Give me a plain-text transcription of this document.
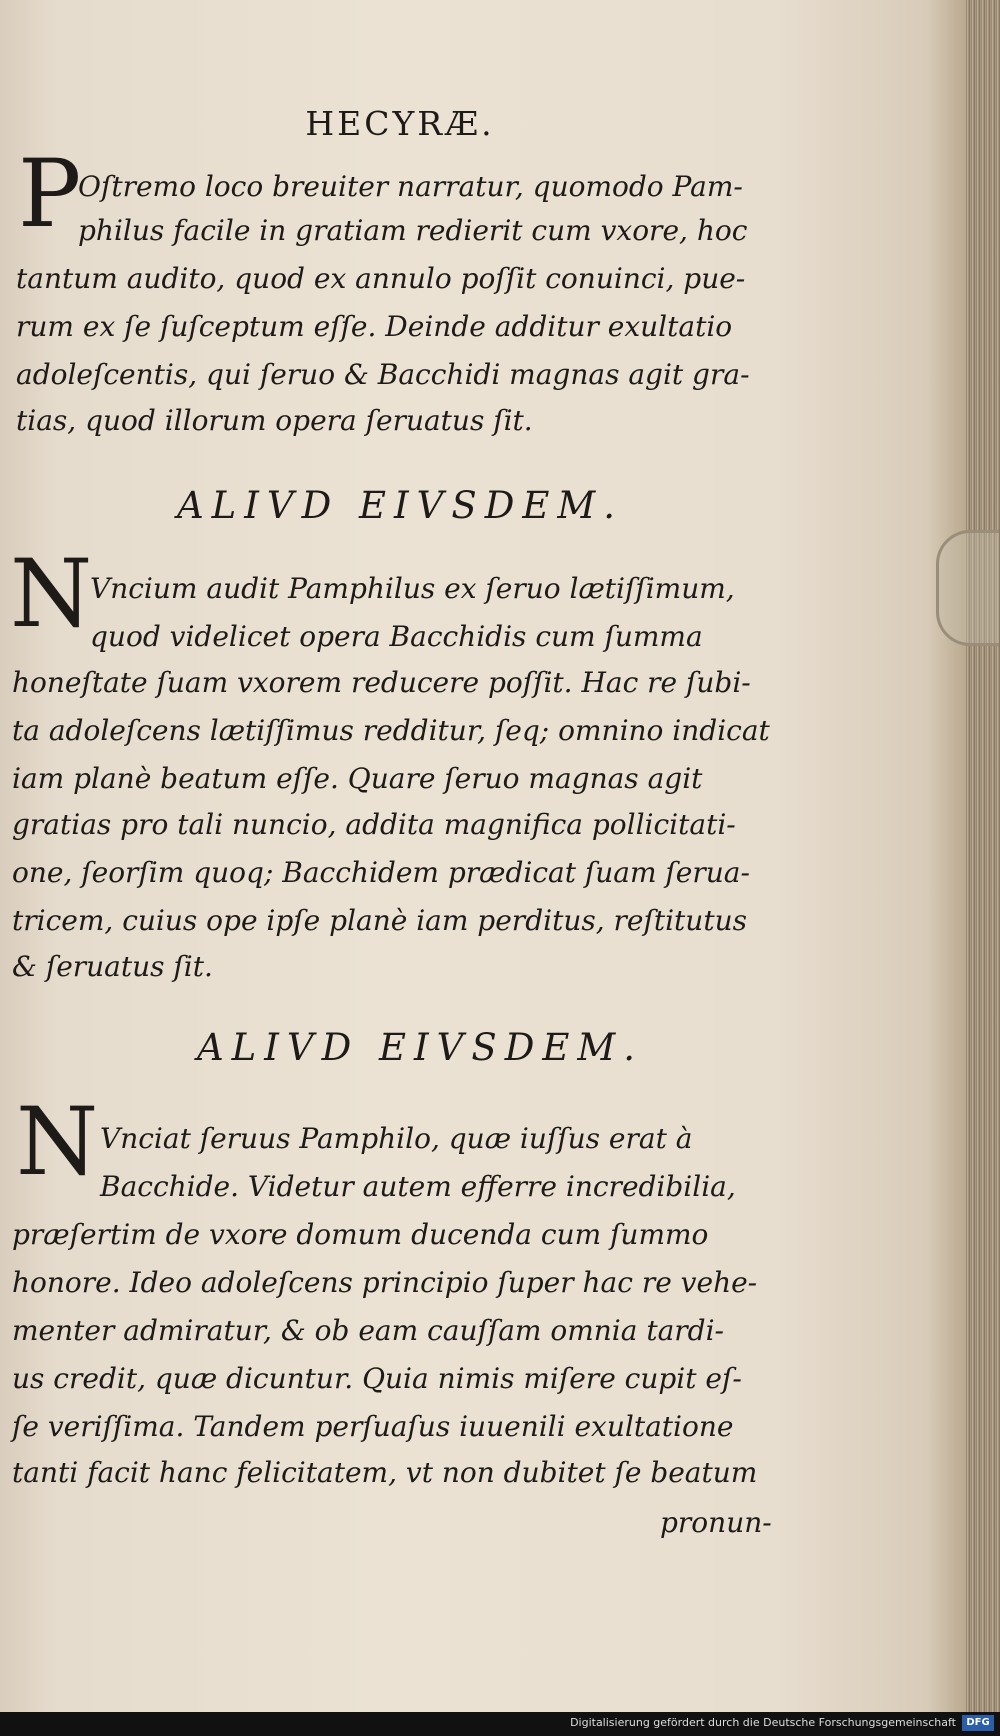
HECYRÆ.
P
Oſtremo loco breuiter narratur, quomodo Pam-
philus facile in gratiam redierit cum vxore, hoc
tantum audito, quod ex annulo poſſit conuinci, pue-
rum ex ſe ſuſceptum eſſe. Deinde additur exultatio
adoleſcentis, qui ſeruo & Bacchidi magnas agit gra-
tias, quod illorum opera ſeruatus ſit.
ALIVD EIVSDEM.
N
Vncium audit Pamphilus ex ſeruo lætiſſimum,
quod videlicet opera Bacchidis cum ſumma
honeſtate ſuam vxorem reducere poſſit. Hac re ſubi-
ta adoleſcens lætiſſimus redditur, ſeq; omnino indicat
iam planè beatum eſſe. Quare ſeruo magnas agit
gratias pro tali nuncio, addita magnifica pollicitati-
one, ſeorſim quoq; Bacchidem prædicat ſuam ſerua-
tricem, cuius ope ipſe planè iam perditus, reſtitutus
& ſeruatus ſit.
ALIVD EIVSDEM.
N Vnciat ſeruus Pamphilo, quæ iuſſus erat à
Bacchide. Videtur autem efferre incredibilia,
præſertim de vxore domum ducenda cum ſummo
honore. Ideo adoleſcens principio ſuper hac re vehe-
menter admiratur, & ob eam cauſſam omnia tardi-
us credit, quæ dicuntur. Quia nimis miſere cupit eſ-
ſe veriſſima. Tandem perſuaſus iuuenili exultatione
tanti facit hanc felicitatem, vt non dubitet ſe beatum
pronun-
Digitalisierung gefördert durch die Deutsche Forschungsgemeinschaft	DFG
